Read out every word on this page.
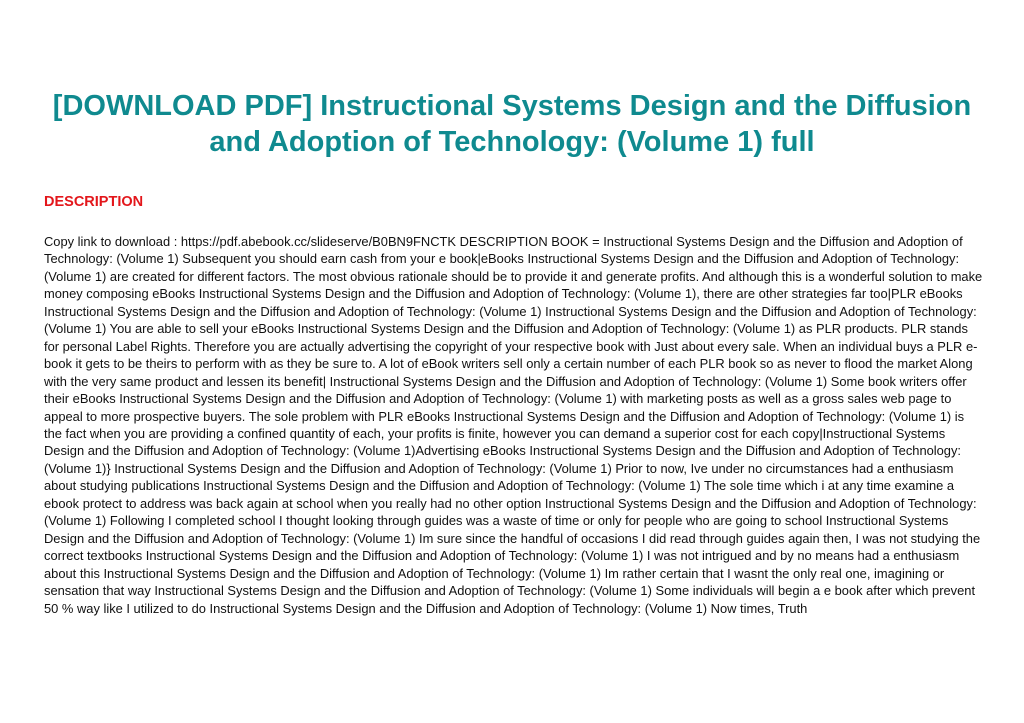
[DOWNLOAD PDF] Instructional Systems Design and the Diffusion and Adoption of Technology: (Volume 1) full
DESCRIPTION

Copy link to download : https://pdf.abebook.cc/slideserve/B0BN9FNCTK DESCRIPTION BOOK = Instructional Systems Design and the Diffusion and Adoption of Technology: (Volume 1) Subsequent you should earn cash from your e book|eBooks Instructional Systems Design and the Diffusion and Adoption of Technology: (Volume 1) are created for different factors. The most obvious rationale should be to provide it and generate profits. And although this is a wonderful solution to make money composing eBooks Instructional Systems Design and the Diffusion and Adoption of Technology: (Volume 1), there are other strategies far too|PLR eBooks Instructional Systems Design and the Diffusion and Adoption of Technology: (Volume 1) Instructional Systems Design and the Diffusion and Adoption of Technology: (Volume 1) You are able to sell your eBooks Instructional Systems Design and the Diffusion and Adoption of Technology: (Volume 1) as PLR products. PLR stands for personal Label Rights. Therefore you are actually advertising the copyright of your respective book with Just about every sale. When an individual buys a PLR e-book it gets to be theirs to perform with as they be sure to. A lot of eBook writers sell only a certain number of each PLR book so as never to flood the market Along with the very same product and lessen its benefit| Instructional Systems Design and the Diffusion and Adoption of Technology: (Volume 1) Some book writers offer their eBooks Instructional Systems Design and the Diffusion and Adoption of Technology: (Volume 1) with marketing posts as well as a gross sales web page to appeal to more prospective buyers. The sole problem with PLR eBooks Instructional Systems Design and the Diffusion and Adoption of Technology: (Volume 1) is the fact when you are providing a confined quantity of each, your profits is finite, however you can demand a superior cost for each copy|Instructional Systems Design and the Diffusion and Adoption of Technology: (Volume 1)Advertising eBooks Instructional Systems Design and the Diffusion and Adoption of Technology: (Volume 1)} Instructional Systems Design and the Diffusion and Adoption of Technology: (Volume 1) Prior to now, Ive under no circumstances had a enthusiasm about studying publications Instructional Systems Design and the Diffusion and Adoption of Technology: (Volume 1) The sole time which i at any time examine a ebook protect to address was back again at school when you really had no other option Instructional Systems Design and the Diffusion and Adoption of Technology: (Volume 1) Following I completed school I thought looking through guides was a waste of time or only for people who are going to school Instructional Systems Design and the Diffusion and Adoption of Technology: (Volume 1) Im sure since the handful of occasions I did read through guides again then, I was not studying the correct textbooks Instructional Systems Design and the Diffusion and Adoption of Technology: (Volume 1) I was not intrigued and by no means had a enthusiasm about this Instructional Systems Design and the Diffusion and Adoption of Technology: (Volume 1) Im rather certain that I wasnt the only real one, imagining or sensation that way Instructional Systems Design and the Diffusion and Adoption of Technology: (Volume 1) Some individuals will begin a e book after which prevent 50 % way like I utilized to do Instructional Systems Design and the Diffusion and Adoption of Technology: (Volume 1) Now times, Truth
